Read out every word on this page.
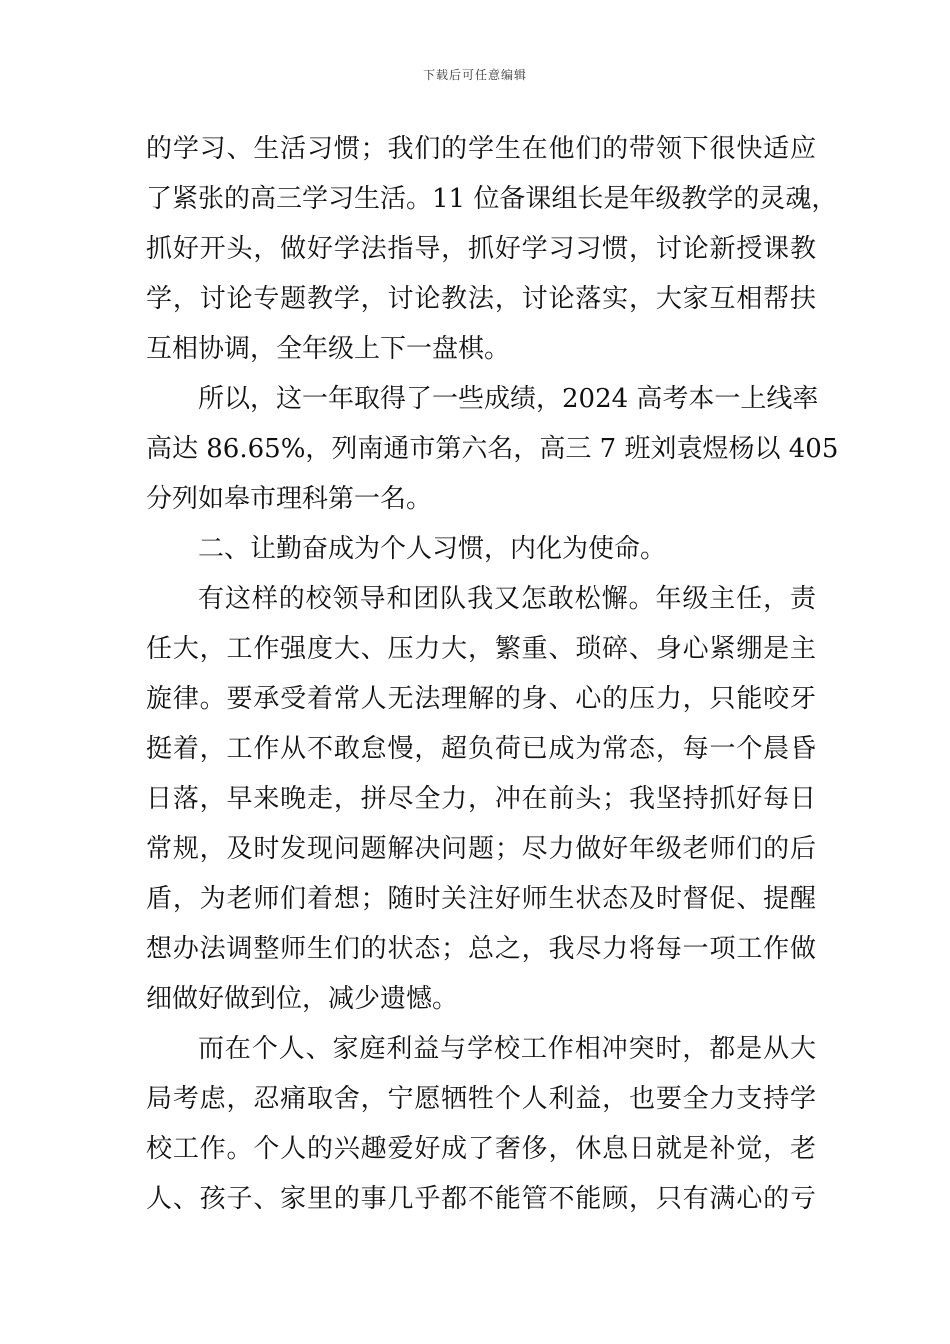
下载后可任意编辑
的学习、生活习惯；我们的学生在他们的带领下很快适应
了紧张的高三学习生活。11 位备课组长是年级教学的灵魂，
抓好开头，做好学法指导，抓好学习习惯，讨论新授课教
学，讨论专题教学，讨论教法，讨论落实，大家互相帮扶
互相协调，全年级上下一盘棋。
所以，这一年取得了一些成绩，2024 高考本一上线率
高达 86.65%，列南通市第六名，高三 7 班刘袁煜杨以 405
分列如皋市理科第一名。
二、让勤奋成为个人习惯，内化为使命。
有这样的校领导和团队我又怎敢松懈。年级主任，责
任大，工作强度大、压力大，繁重、琐碎、身心紧绷是主
旋律。要承受着常人无法理解的身、心的压力，只能咬牙
挺着，工作从不敢怠慢，超负荷已成为常态，每一个晨昏
日落，早来晚走，拼尽全力，冲在前头；我坚持抓好每日
常规，及时发现问题解决问题；尽力做好年级老师们的后
盾，为老师们着想；随时关注好师生状态及时督促、提醒
想办法调整师生们的状态；总之，我尽力将每一项工作做
细做好做到位，减少遗憾。
而在个人、家庭利益与学校工作相冲突时，都是从大
局考虑，忍痛取舍，宁愿牺牲个人利益，也要全力支持学
校工作。个人的兴趣爱好成了奢侈，休息日就是补觉，老
人、孩子、家里的事几乎都不能管不能顾，只有满心的亏
